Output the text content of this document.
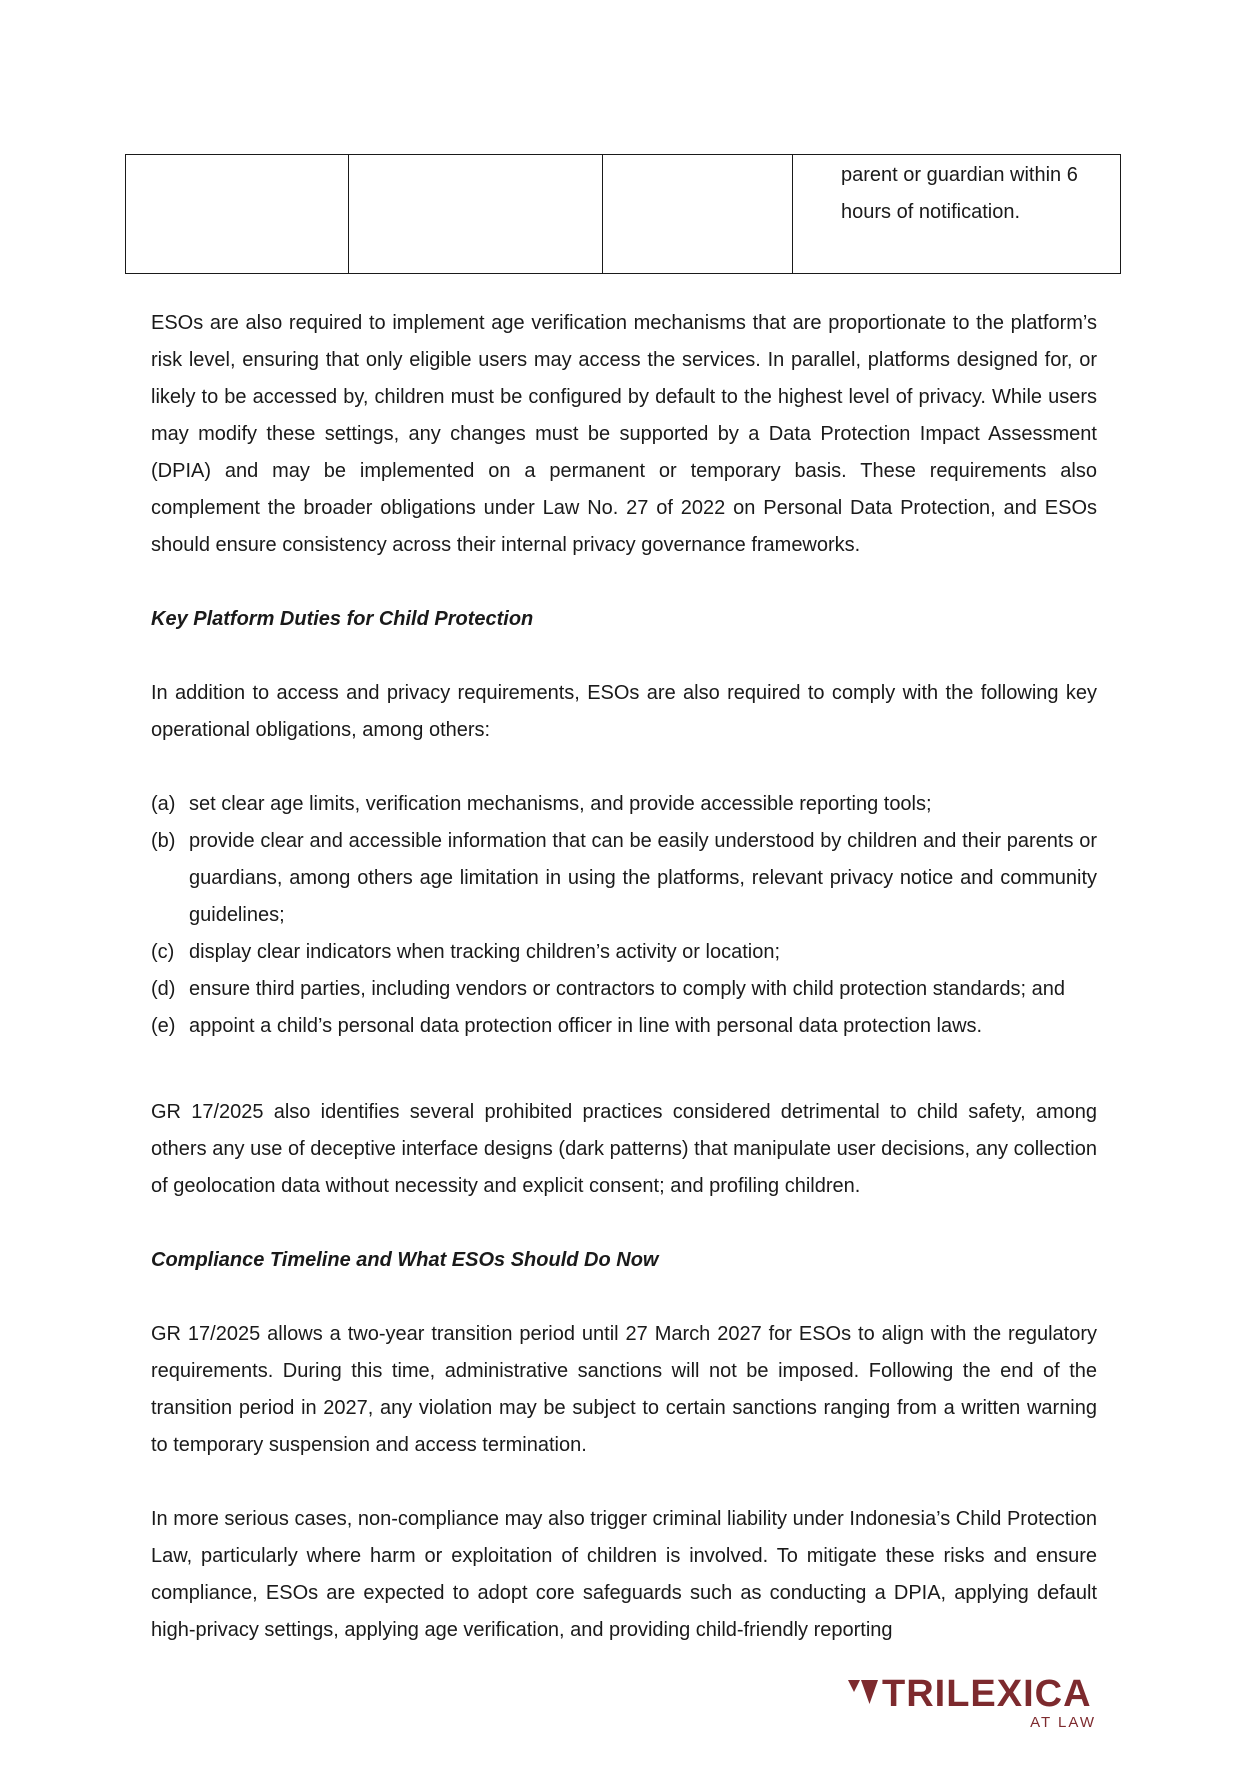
			parent or guardian within 6 hours of notification.

ESOs are also required to implement age verification mechanisms that are proportionate to the platform’s risk level, ensuring that only eligible users may access the services. In parallel, platforms designed for, or likely to be accessed by, children must be configured by default to the highest level of privacy. While users may modify these settings, any changes must be supported by a Data Protection Impact Assessment (DPIA) and may be implemented on a permanent or temporary basis. These requirements also complement the broader obligations under Law No. 27 of 2022 on Personal Data Protection, and ESOs should ensure consistency across their internal privacy governance frameworks.

Key Platform Duties for Child Protection

In addition to access and privacy requirements, ESOs are also required to comply with the following key operational obligations, among others:

(a) set clear age limits, verification mechanisms, and provide accessible reporting tools;
(b) provide clear and accessible information that can be easily understood by children and their parents or guardians, among others age limitation in using the platforms, relevant privacy notice and community guidelines;
(c) display clear indicators when tracking children’s activity or location;
(d) ensure third parties, including vendors or contractors to comply with child protection standards; and
(e) appoint a child’s personal data protection officer in line with personal data protection laws.

GR 17/2025 also identifies several prohibited practices considered detrimental to child safety, among others any use of deceptive interface designs (dark patterns) that manipulate user decisions, any collection of geolocation data without necessity and explicit consent; and profiling children.

Compliance Timeline and What ESOs Should Do Now

GR 17/2025 allows a two-year transition period until 27 March 2027 for ESOs to align with the regulatory requirements. During this time, administrative sanctions will not be imposed. Following the end of the transition period in 2027, any violation may be subject to certain sanctions ranging from a written warning to temporary suspension and access termination.

In more serious cases, non-compliance may also trigger criminal liability under Indonesia’s Child Protection Law, particularly where harm or exploitation of children is involved. To mitigate these risks and ensure compliance, ESOs are expected to adopt core safeguards such as conducting a DPIA, applying default high-privacy settings, applying age verification, and providing child-friendly reporting

TRILEXICA
AT LAW
